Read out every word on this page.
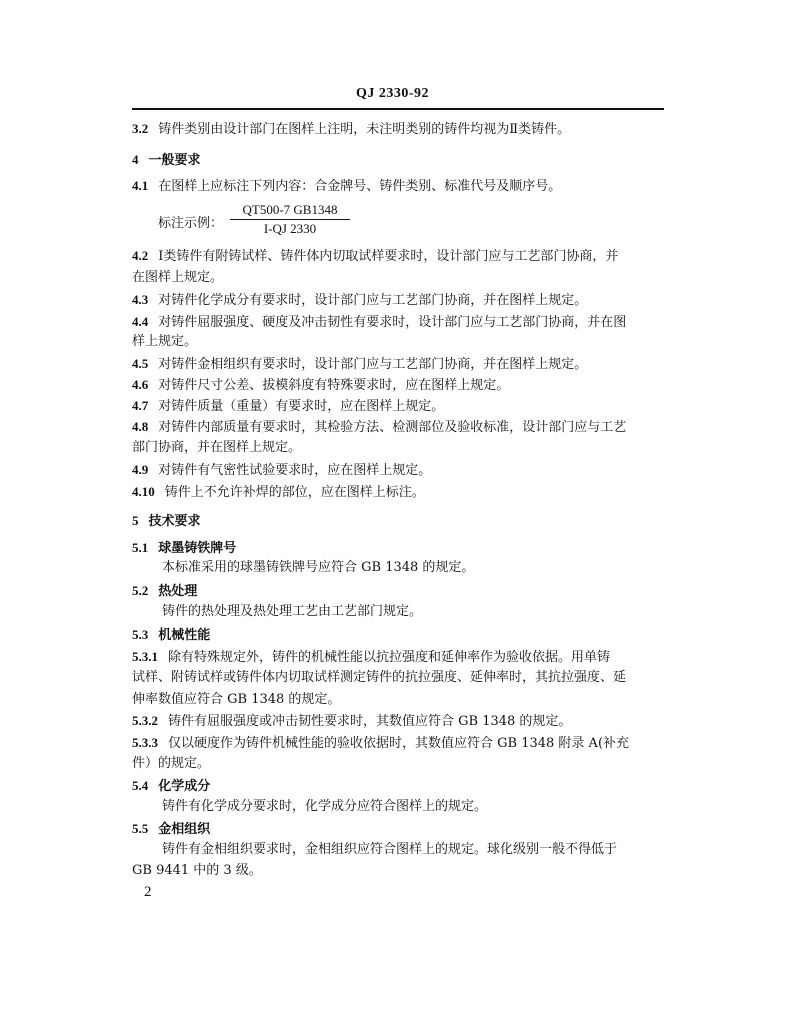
QJ 2330-92
3.2 铸件类别由设计部门在图样上注明，未注明类别的铸件均视为Ⅱ类铸件。
4 一般要求
4.1 在图样上应标注下列内容：合金牌号、铸件类别、标准代号及顺序号。
标注示例： $\frac{QT500-7 GB1348}{I-QJ 2330}$
4.2 Ⅰ类铸件有附铸试样、铸件体内切取试样要求时，设计部门应与工艺部门协商，并
在图样上规定。
4.3 对铸件化学成分有要求时，设计部门应与工艺部门协商，并在图样上规定。
4.4 对铸件屈服强度、硬度及冲击韧性有要求时，设计部门应与工艺部门协商，并在图
样上规定。
4.5 对铸件金相组织有要求时，设计部门应与工艺部门协商，并在图样上规定。
4.6 对铸件尺寸公差、拔模斜度有特殊要求时，应在图样上规定。
4.7 对铸件质量（重量）有要求时，应在图样上规定。
4.8 对铸件内部质量有要求时，其检验方法、检测部位及验收标准，设计部门应与工艺
部门协商，并在图样上规定。
4.9 对铸件有气密性试验要求时，应在图样上规定。
4.10 铸件上不允许补焊的部位，应在图样上标注。
5 技术要求
5.1 球墨铸铁牌号
本标准采用的球墨铸铁牌号应符合 GB 1348 的规定。
5.2 热处理
铸件的热处理及热处理工艺由工艺部门规定。
5.3 机械性能
5.3.1 除有特殊规定外，铸件的机械性能以抗拉强度和延伸率作为验收依据。用单铸
试样、附铸试样或铸件体内切取试样测定铸件的抗拉强度、延伸率时，其抗拉强度、延
伸率数值应符合 GB 1348 的规定。
5.3.2 铸件有屈服强度或冲击韧性要求时，其数值应符合 GB 1348 的规定。
5.3.3 仅以硬度作为铸件机械性能的验收依据时，其数值应符合 GB 1348 附录 A(补充
件）的规定。
5.4 化学成分
铸件有化学成分要求时，化学成分应符合图样上的规定。
5.5 金相组织
铸件有金相组织要求时，金相组织应符合图样上的规定。球化级别一般不得低于
GB 9441 中的 3 级。
2
